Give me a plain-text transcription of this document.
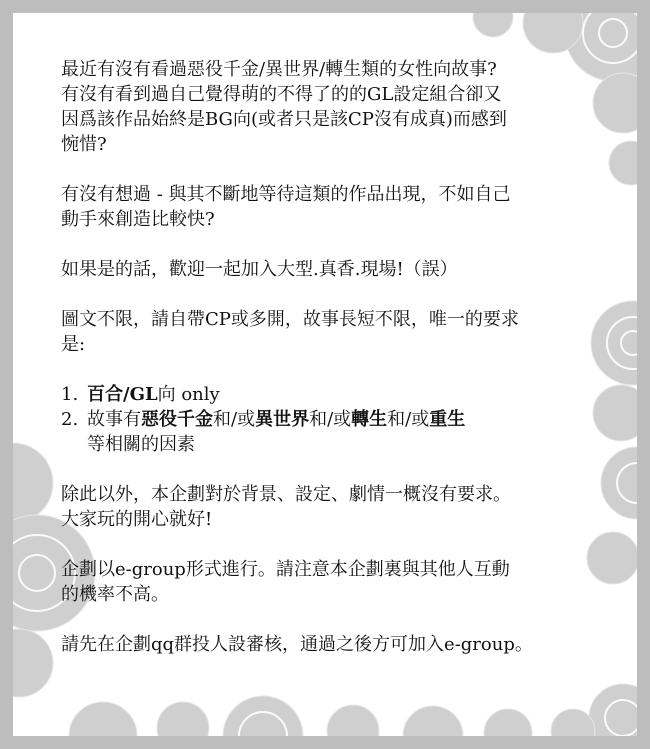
最近有沒有看過惡役千金/異世界/轉生類的女性向故事?
有沒有看到過自己覺得萌的不得了的的GL設定組合卻又
因爲該作品始終是BG向(或者只是該CP沒有成真)而感到
惋惜?

有沒有想過 - 與其不斷地等待這類的作品出現，不如自己
動手來創造比較快?

如果是的話，歡迎一起加入大型.真香.現場!（誤）

圖文不限，請自帶CP或多開，故事長短不限，唯一的要求
是:

1. 百合/GL向 only
2. 故事有惡役千金和/或異世界和/或轉生和/或重生
等相關的因素

除此以外，本企劃對於背景、設定、劇情一概沒有要求。
大家玩的開心就好!

企劃以e-group形式進行。請注意本企劃裏與其他人互動
的機率不高。

請先在企劃qq群投人設審核，通過之後方可加入e-group。
